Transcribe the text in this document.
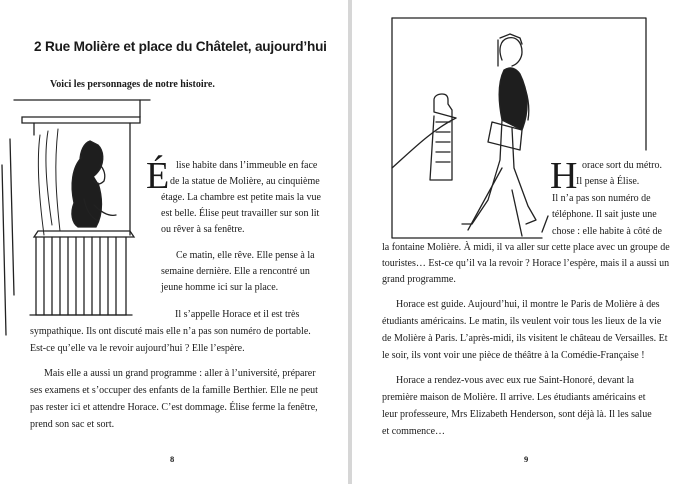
2 Rue Molière et place du Châtelet, aujourd’hui
Voici les personnages de notre histoire.
É lise habite dans l’immeuble en face
de la statue de Molière, au cinquième
étage. La chambre est petite mais la vue
est belle. Élise peut travailler sur son lit
ou rêver à sa fenêtre.
Ce matin, elle rêve. Elle pense à la
semaine dernière. Elle a rencontré un
jeune homme ici sur la place.
Il s’appelle Horace et il est très
sympathique. Ils ont discuté mais elle n’a pas son numéro de portable.
Est-ce qu’elle va le revoir aujourd’hui ? Elle l’espère.
Mais elle a aussi un grand programme : aller à l’université, préparer
ses examens et s’occuper des enfants de la famille Berthier. Elle ne peut
pas rester ici et attendre Horace. C’est dommage. Élise ferme la fenêtre,
prend son sac et sort.
8
H orace sort du métro.
Il pense à Élise.
Il n’a pas son numéro de
téléphone. Il sait juste une
chose : elle habite à côté de
la fontaine Molière. À midi, il va aller sur cette place avec un groupe de
touristes… Est-ce qu’il va la revoir ? Horace l’espère, mais il a aussi un
grand programme.
Horace est guide. Aujourd’hui, il montre le Paris de Molière à des
étudiants américains. Le matin, ils veulent voir tous les lieux de la vie
de Molière à Paris. L’après-midi, ils visitent le château de Versailles. Et
le soir, ils vont voir une pièce de théâtre à la Comédie-Française !
Horace a rendez-vous avec eux rue Saint-Honoré, devant la
première maison de Molière. Il arrive. Les étudiants américains et
leur professeure, Mrs Elizabeth Henderson, sont déjà là. Il les salue
et commence…
9
